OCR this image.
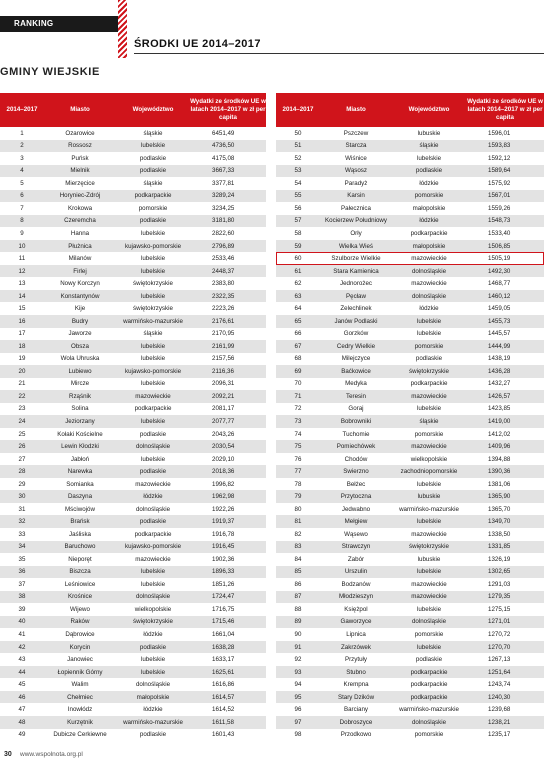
RANKING
ŚRODKI UE 2014–2017
GMINY WIEJSKIE
2014–2017	Miasto	Województwo
Wydatki ze środków UE w latach 2014–2017 w zł per capita
1	Ozarowice	śląskie	6451,49
2	Rossosz	lubelskie	4736,50
3	Puńsk	podlaskie	4175,08
4	Mielnik	podlaskie	3667,33
5	Mierzęcice	śląskie	3377,81
6	Horyniec-Zdrój	podkarpackie	3289,24
7	Krokowa	pomorskie	3234,25
8	Czeremcha	podlaskie	3181,80
9	Hanna	lubelskie	2822,60
10	Płużnica	kujawsko-pomorskie	2796,89
11	Milanów	lubelskie	2533,46
12	Firlej	lubelskie	2448,37
13	Nowy Korczyn	świętokrzyskie	2383,80
14	Konstantynów	lubelskie	2322,35
15	Kije	świętokrzyskie	2223,26
16	Budry	warmińsko-mazurskie	2176,61
17	Jaworze	śląskie	2170,95
18	Obsza	lubelskie	2161,99
19	Wola Uhruska	lubelskie	2157,56
20	Lubiewo	kujawsko-pomorskie	2116,36
21	Mircze	lubelskie	2096,31
22	Rząśnik	mazowieckie	2092,21
23	Solina	podkarpackie	2081,17
24	Jeziorzany	lubelskie	2077,77
25	Kołaki Kościelne	podlaskie	2043,26
26	Lewin Kłodzki	dolnośląskie	2030,54
27	Jabłoń	lubelskie	2029,10
28	Narewka	podlaskie	2018,36
29	Somianka	mazowieckie	1996,82
30	Daszyna	łódzkie	1962,98
31	Mściwojów	dolnośląskie	1922,26
32	Brańsk	podlaskie	1919,37
33	Jaśliska	podkarpackie	1916,78
34	Baruchowo	kujawsko-pomorskie	1916,45
35	Nieporęt	mazowieckie	1902,36
36	Biszcza	lubelskie	1896,33
37	Leśniowice	lubelskie	1851,26
38	Krośnice	dolnośląskie	1724,47
39	Wijewo	wielkopolskie	1716,75
40	Raków	świętokrzyskie	1715,46
41	Dąbrowice	łódzkie	1661,04
42	Korycin	podlaskie	1638,28
43	Janowiec	lubelskie	1633,17
44	Łopiennik Górny	lubelskie	1625,61
45	Walim	dolnośląskie	1616,86
46	Chełmiec	małopolskie	1614,57
47	Inowłódz	łódzkie	1614,52
48	Kurzętnik	warmińsko-mazurskie	1611,58
49	Dubicze Cerkiewne	podlaskie	1601,43
2014–2017	Miasto	Województwo
Wydatki ze środków UE w latach 2014–2017 w zł per capita
50	Pszczew	lubuskie	1596,01
51	Starcza	śląskie	1593,83
52	Wiśnice	lubelskie	1592,12
53	Wąsosz	podlaskie	1589,64
54	Paradyż	łódzkie	1575,92
55	Karsin	pomorskie	1567,01
56	Pałecznica	małopolskie	1559,26
57	Kocierzew Południowy	łódzkie	1548,73
58	Orły	podkarpackie	1533,40
59	Wielka Wieś	małopolskie	1506,85
60	Szulborze Wielkie	mazowieckie	1505,19
61	Stara Kamienica	dolnośląskie	1492,30
62	Jednorożec	mazowieckie	1468,77
63	Pęcław	dolnośląskie	1460,12
64	Żelechlinek	łódzkie	1459,05
65	Janów Podlaski	lubelskie	1455,73
66	Gorzków	lubelskie	1445,57
67	Cedry Wielkie	pomorskie	1444,99
68	Milejczyce	podlaskie	1438,19
69	Baćkowice	świętokrzyskie	1436,28
70	Medyka	podkarpackie	1432,27
71	Teresin	mazowieckie	1426,57
72	Goraj	lubelskie	1423,85
73	Bobrowniki	śląskie	1419,00
74	Tuchomie	pomorskie	1412,02
75	Pomiechówek	mazowieckie	1409,96
76	Chodów	wielkopolskie	1394,88
77	Świerzno	zachodniopomorskie	1390,36
78	Bełżec	lubelskie	1381,06
79	Przytoczna	lubuskie	1365,90
80	Jedwabno	warmińsko-mazurskie	1365,70
81	Mełgiew	lubelskie	1349,70
82	Wąsewo	mazowieckie	1338,50
83	Strawczyn	świętokrzyskie	1331,85
84	Zabór	lubuskie	1326,19
85	Urszulin	lubelskie	1302,65
86	Bodzanów	mazowieckie	1291,03
87	Młodzieszyn	mazowieckie	1279,35
88	Księżpol	lubelskie	1275,15
89	Gaworzyce	dolnośląskie	1271,01
90	Lipnica	pomorskie	1270,72
91	Zakrzówek	lubelskie	1270,70
92	Przytuły	podlaskie	1267,13
93	Stubno	podkarpackie	1251,64
94	Krempna	podkarpackie	1243,74
95	Stary Dzików	podkarpackie	1240,30
96	Barciany	warmińsko-mazurskie	1239,68
97	Dobroszyce	dolnośląskie	1238,21
98	Przodkowo	pomorskie	1235,17
30 www.wspolnota.org.pl
